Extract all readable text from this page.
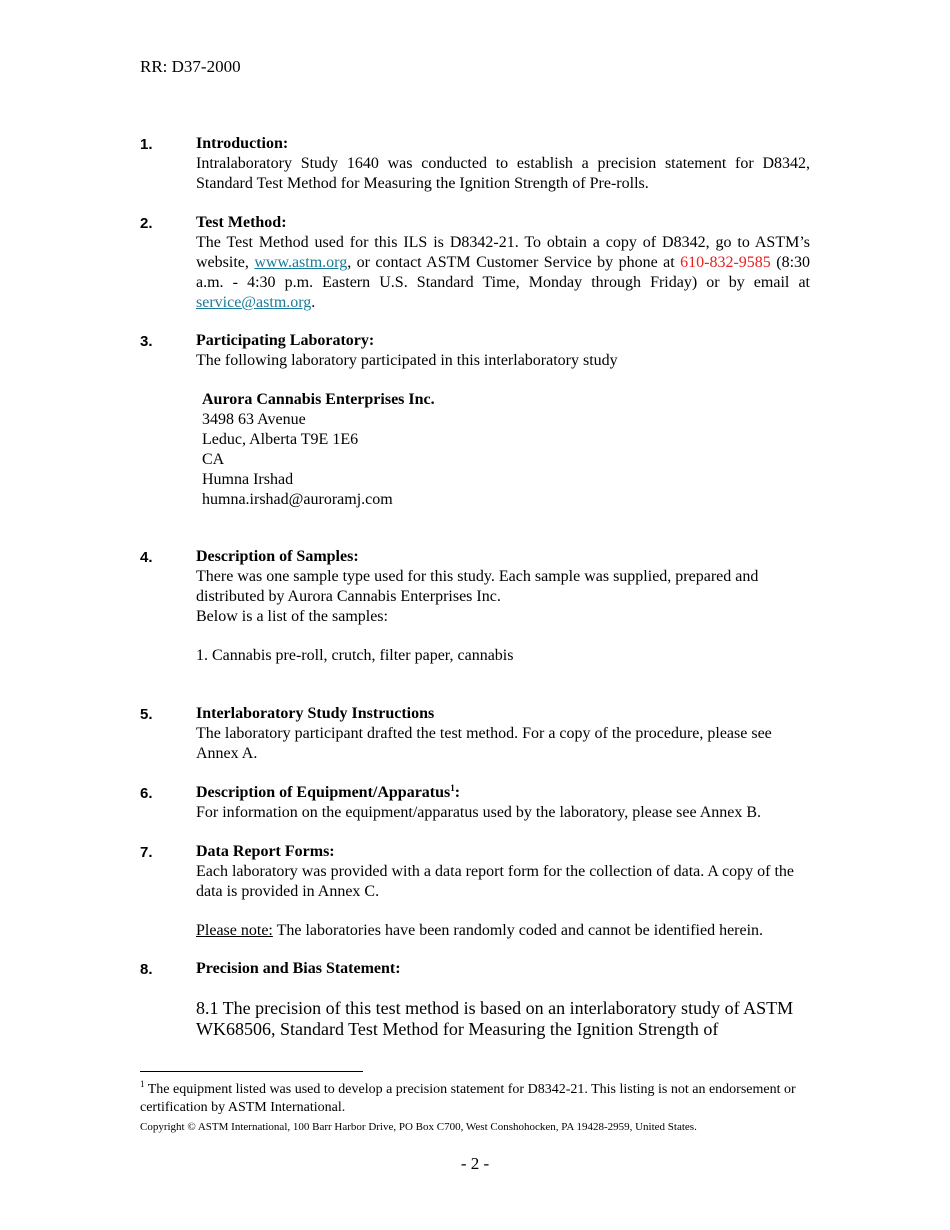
RR: D37-2000
1.	Introduction:
Intralaboratory Study 1640 was conducted to establish a precision statement for D8342, Standard Test Method for Measuring the Ignition Strength of Pre-rolls.
2.	Test Method:
The Test Method used for this ILS is D8342-21. To obtain a copy of D8342, go to ASTM’s website, www.astm.org, or contact ASTM Customer Service by phone at 610-832-9585 (8:30 a.m. - 4:30 p.m. Eastern U.S. Standard Time, Monday through Friday) or by email at service@astm.org.
3.	Participating Laboratory:
The following laboratory participated in this interlaboratory study
Aurora Cannabis Enterprises Inc.
3498 63 Avenue
Leduc, Alberta T9E 1E6
CA
Humna Irshad
humna.irshad@auroramj.com
4.	Description of Samples:
There was one sample type used for this study. Each sample was supplied, prepared and distributed by Aurora Cannabis Enterprises Inc.
Below is a list of the samples:
1. Cannabis pre-roll, crutch, filter paper, cannabis
5.	Interlaboratory Study Instructions
The laboratory participant drafted the test method. For a copy of the procedure, please see Annex A.
6.	Description of Equipment/Apparatus$^1$:
For information on the equipment/apparatus used by the laboratory, please see Annex B.
7.	Data Report Forms:
Each laboratory was provided with a data report form for the collection of data. A copy of the data is provided in Annex C.
Please note: The laboratories have been randomly coded and cannot be identified herein.
8.	Precision and Bias Statement:
8.1 The precision of this test method is based on an interlaboratory study of ASTM WK68506, Standard Test Method for Measuring the Ignition Strength of
$^1$ The equipment listed was used to develop a precision statement for D8342-21. This listing is not an endorsement or certification by ASTM International.
Copyright © ASTM International, 100 Barr Harbor Drive, PO Box C700, West Conshohocken, PA 19428-2959, United States.
- 2 -
